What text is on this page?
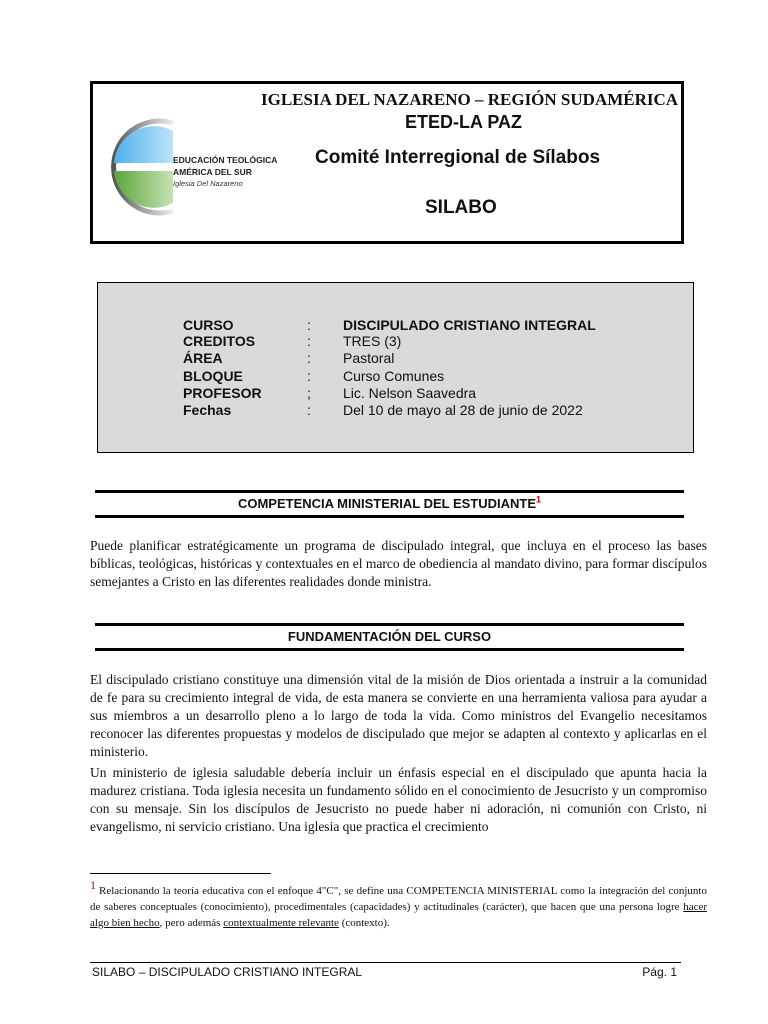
EDUCACIÓN TEOLÓGICA
AMÉRICA DEL SUR
Iglesia Del Nazareno
IGLESIA DEL NAZARENO – REGIÓN SUDAMÉRICA
ETED-LA PAZ
Comité Interregional de Sílabos
SILABO
CURSO	:	DISCIPULADO CRISTIANO INTEGRAL
CREDITOS	:	TRES (3)
ÁREA	:	Pastoral
BLOQUE	:	Curso Comunes
PROFESOR	;	Lic. Nelson Saavedra
Fechas	:	Del 10 de mayo al 28 de junio de 2022
COMPETENCIA MINISTERIAL DEL ESTUDIANTE$^1$
Puede planificar estratégicamente un programa de discipulado integral, que incluya en el proceso las bases bíblicas, teológicas, históricas y contextuales en el marco de obediencia al mandato divino, para formar discípulos semejantes a Cristo en las diferentes realidades donde ministra.
FUNDAMENTACIÓN DEL CURSO
El discipulado cristiano constituye una dimensión vital de la misión de Dios orientada a instruir a la comunidad de fe para su crecimiento integral de vida, de esta manera se convierte en una herramienta valiosa para ayudar a sus miembros a un desarrollo pleno a lo largo de toda la vida. Como ministros del Evangelio necesitamos reconocer las diferentes propuestas y modelos de discipulado que mejor se adapten al contexto y aplicarlas en el ministerio.
Un ministerio de iglesia saludable debería incluir un énfasis especial en el discipulado que apunta hacia la madurez cristiana. Toda iglesia necesita un fundamento sólido en el conocimiento de Jesucristo y un compromiso con su mensaje. Sin los discípulos de Jesucristo no puede haber ni adoración, ni comunión con Cristo, ni evangelismo, ni servicio cristiano. Una iglesia que practica el crecimiento
1 Relacionando la teoría educativa con el enfoque 4"C", se define una COMPETENCIA MINISTERIAL como la integración del conjunto de saberes conceptuales (conocimiento), procedimentales (capacidades) y actitudinales (carácter), que hacen que una persona logre hacer algo bien hecho, pero además contextualmente relevante (contexto).
SILABO – DISCIPULADO CRISTIANO INTEGRAL	Pág. 1
